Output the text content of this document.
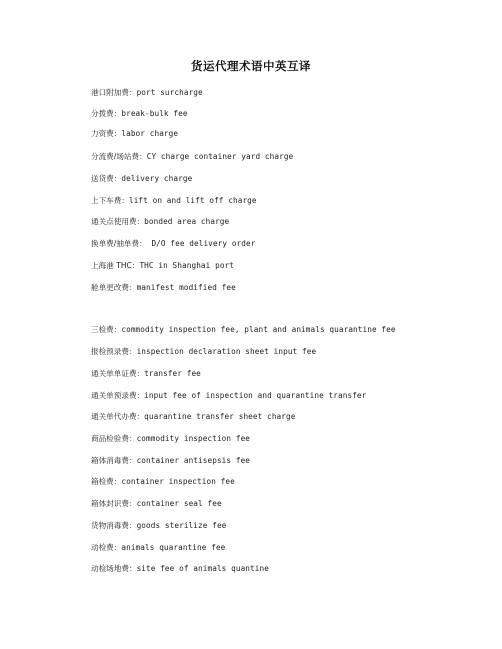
货运代理术语中英互译
港口附加费：port surcharge
分拨费：break-bulk fee
力资费：labor charge
分流费/场站费：CY charge container yard charge
送货费：delivery charge
上下车费：lift on and lift off charge
通关点使用费：bonded area charge
换单费/抽单费： D/O fee delivery order
上海港 THC：THC in Shanghai port
舱单更改费：manifest modified fee
三检费：commodity inspection fee, plant and animals quarantine fee
报检预录费：inspection declaration sheet input fee
通关单单证费：transfer fee
通关单预录费：input fee of inspection and quarantine transfer
通关单代办费：quarantine transfer sheet charge
商品检验费：commodity inspection fee
箱体消毒费：container antisepsis fee
箱检费：container inspection fee
箱体封识费：container seal fee
货物消毒费：goods sterilize fee
动检费：animals quarantine fee
动检场地费：site fee of animals quantine
